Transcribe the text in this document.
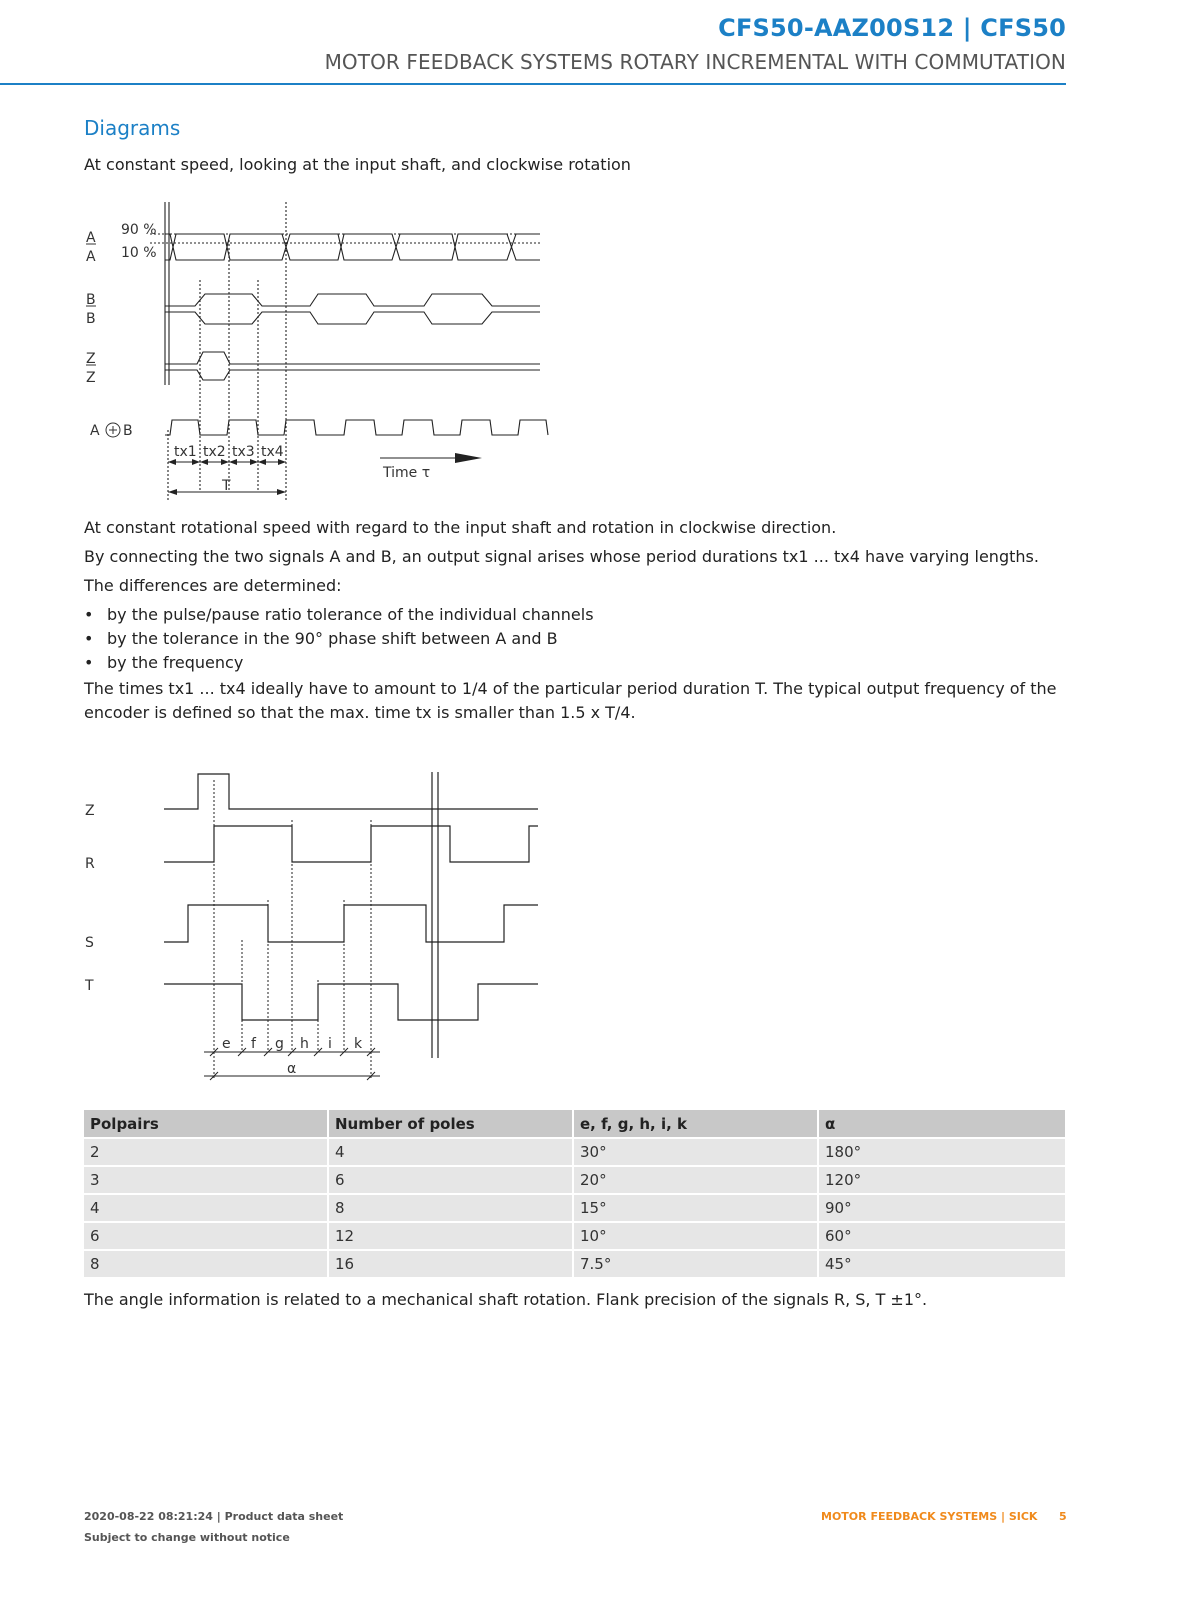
CFS50-AAZ00S12 | CFS50
MOTOR FEEDBACK SYSTEMS ROTARY INCREMENTAL WITH COMMUTATION
Diagrams
At constant speed, looking at the input shaft, and clockwise rotation
90 %
10 %
A
A
B
B
Z
Z
A B
tx1 tx2 tx3 tx4
T
Time τ
At constant rotational speed with regard to the input shaft and rotation in clockwise direction.
By connecting the two signals A and B, an output signal arises whose period durations tx1 ... tx4 have varying lengths.
The differences are determined:
• by the pulse/pause ratio tolerance of the individual channels
• by the tolerance in the 90° phase shift between A and B
• by the frequency
The times tx1 ... tx4 ideally have to amount to 1/4 of the particular period duration T. The typical output frequency of the encoder is defined so that the max. time tx is smaller than 1.5 x T/4.
Z
R
S
T
e f g h i k
α
Polpairs	Number of poles	e, f, g, h, i, k	α
2	4	30°	180°
3	6	20°	120°
4	8	15°	90°
6	12	10°	60°
8	16	7.5°	45°
The angle information is related to a mechanical shaft rotation. Flank precision of the signals R, S, T ±1°.
2020-08-22 08:21:24 | Product data sheet
Subject to change without notice
MOTOR FEEDBACK SYSTEMS | SICK 5
